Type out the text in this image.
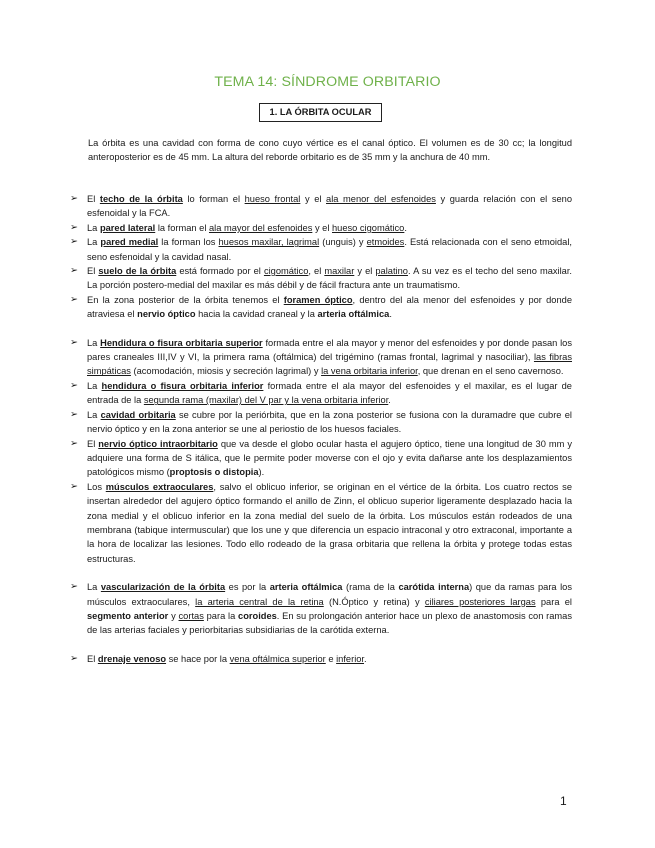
TEMA 14: SÍNDROME ORBITARIO
1. LA ÓRBITA OCULAR

La órbita es una cavidad con forma de cono cuyo vértice es el canal óptico. El volumen es de 30 cc; la longitud anteroposterior es de 45 mm. La altura del reborde orbitario es de 35 mm y la anchura de 40 mm.

➢ El techo de la órbita lo forman el hueso frontal y el ala menor del esfenoides y guarda relación con el seno esfenoidal y la FCA.
➢ La pared lateral la forman el ala mayor del esfenoides y el hueso cigomático.
➢ La pared medial la forman los huesos maxilar, lagrimal (unguis) y etmoides. Está relacionada con el seno etmoidal, seno esfenoidal y la cavidad nasal.
➢ El suelo de la órbita está formado por el cigomático, el maxilar y el palatino. A su vez es el techo del seno maxilar. La porción postero-medial del maxilar es más débil y de fácil fractura ante un traumatismo.
➢ En la zona posterior de la órbita tenemos el foramen óptico, dentro del ala menor del esfenoides y por donde atraviesa el nervio óptico hacia la cavidad craneal y la arteria oftálmica.
➢ La Hendidura o fisura orbitaria superior formada entre el ala mayor y menor del esfenoides y por donde pasan los pares craneales III,IV y VI, la primera rama (oftálmica) del trigémino (ramas frontal, lagrimal y nasociliar), las fibras simpáticas (acomodación, miosis y secreción lagrimal) y la vena orbitaria inferior, que drenan en el seno cavernoso.
➢ La hendidura o fisura orbitaria inferior formada entre el ala mayor del esfenoides y el maxilar, es el lugar de entrada de la segunda rama (maxilar) del V par y la vena orbitaria inferior.
➢ La cavidad orbitaria se cubre por la periórbita, que en la zona posterior se fusiona con la duramadre que cubre el nervio óptico y en la zona anterior se une al periostio de los huesos faciales.
➢ El nervio óptico intraorbitario que va desde el globo ocular hasta el agujero óptico, tiene una longitud de 30 mm y adquiere una forma de S itálica, que le permite poder moverse con el ojo y evita dañarse ante los desplazamientos patológicos mismo (proptosis o distopia).
➢ Los músculos extraoculares, salvo el oblicuo inferior, se originan en el vértice de la órbita. Los cuatro rectos se insertan alrededor del agujero óptico formando el anillo de Zinn, el oblicuo superior ligeramente desplazado hacia la zona medial y el oblicuo inferior en la zona medial del suelo de la órbita. Los músculos están rodeados de una membrana (tabique intermuscular) que los une y que diferencia un espacio intraconal y otro extraconal, importante a la hora de localizar las lesiones. Todo ello rodeado de la grasa orbitaria que rellena la órbita y protege todas estas estructuras.
➢ La vascularización de la órbita es por la arteria oftálmica (rama de la carótida interna) que da ramas para los músculos extraoculares, la arteria central de la retina (N.Óptico y retina) y ciliares posteriores largas para el segmento anterior y cortas para la coroides. En su prolongación anterior hace un plexo de anastomosis con ramas de las arterias faciales y periorbitarias subsidiarias de la carótida externa.
➢ El drenaje venoso se hace por la vena oftálmica superior e inferior.
1
